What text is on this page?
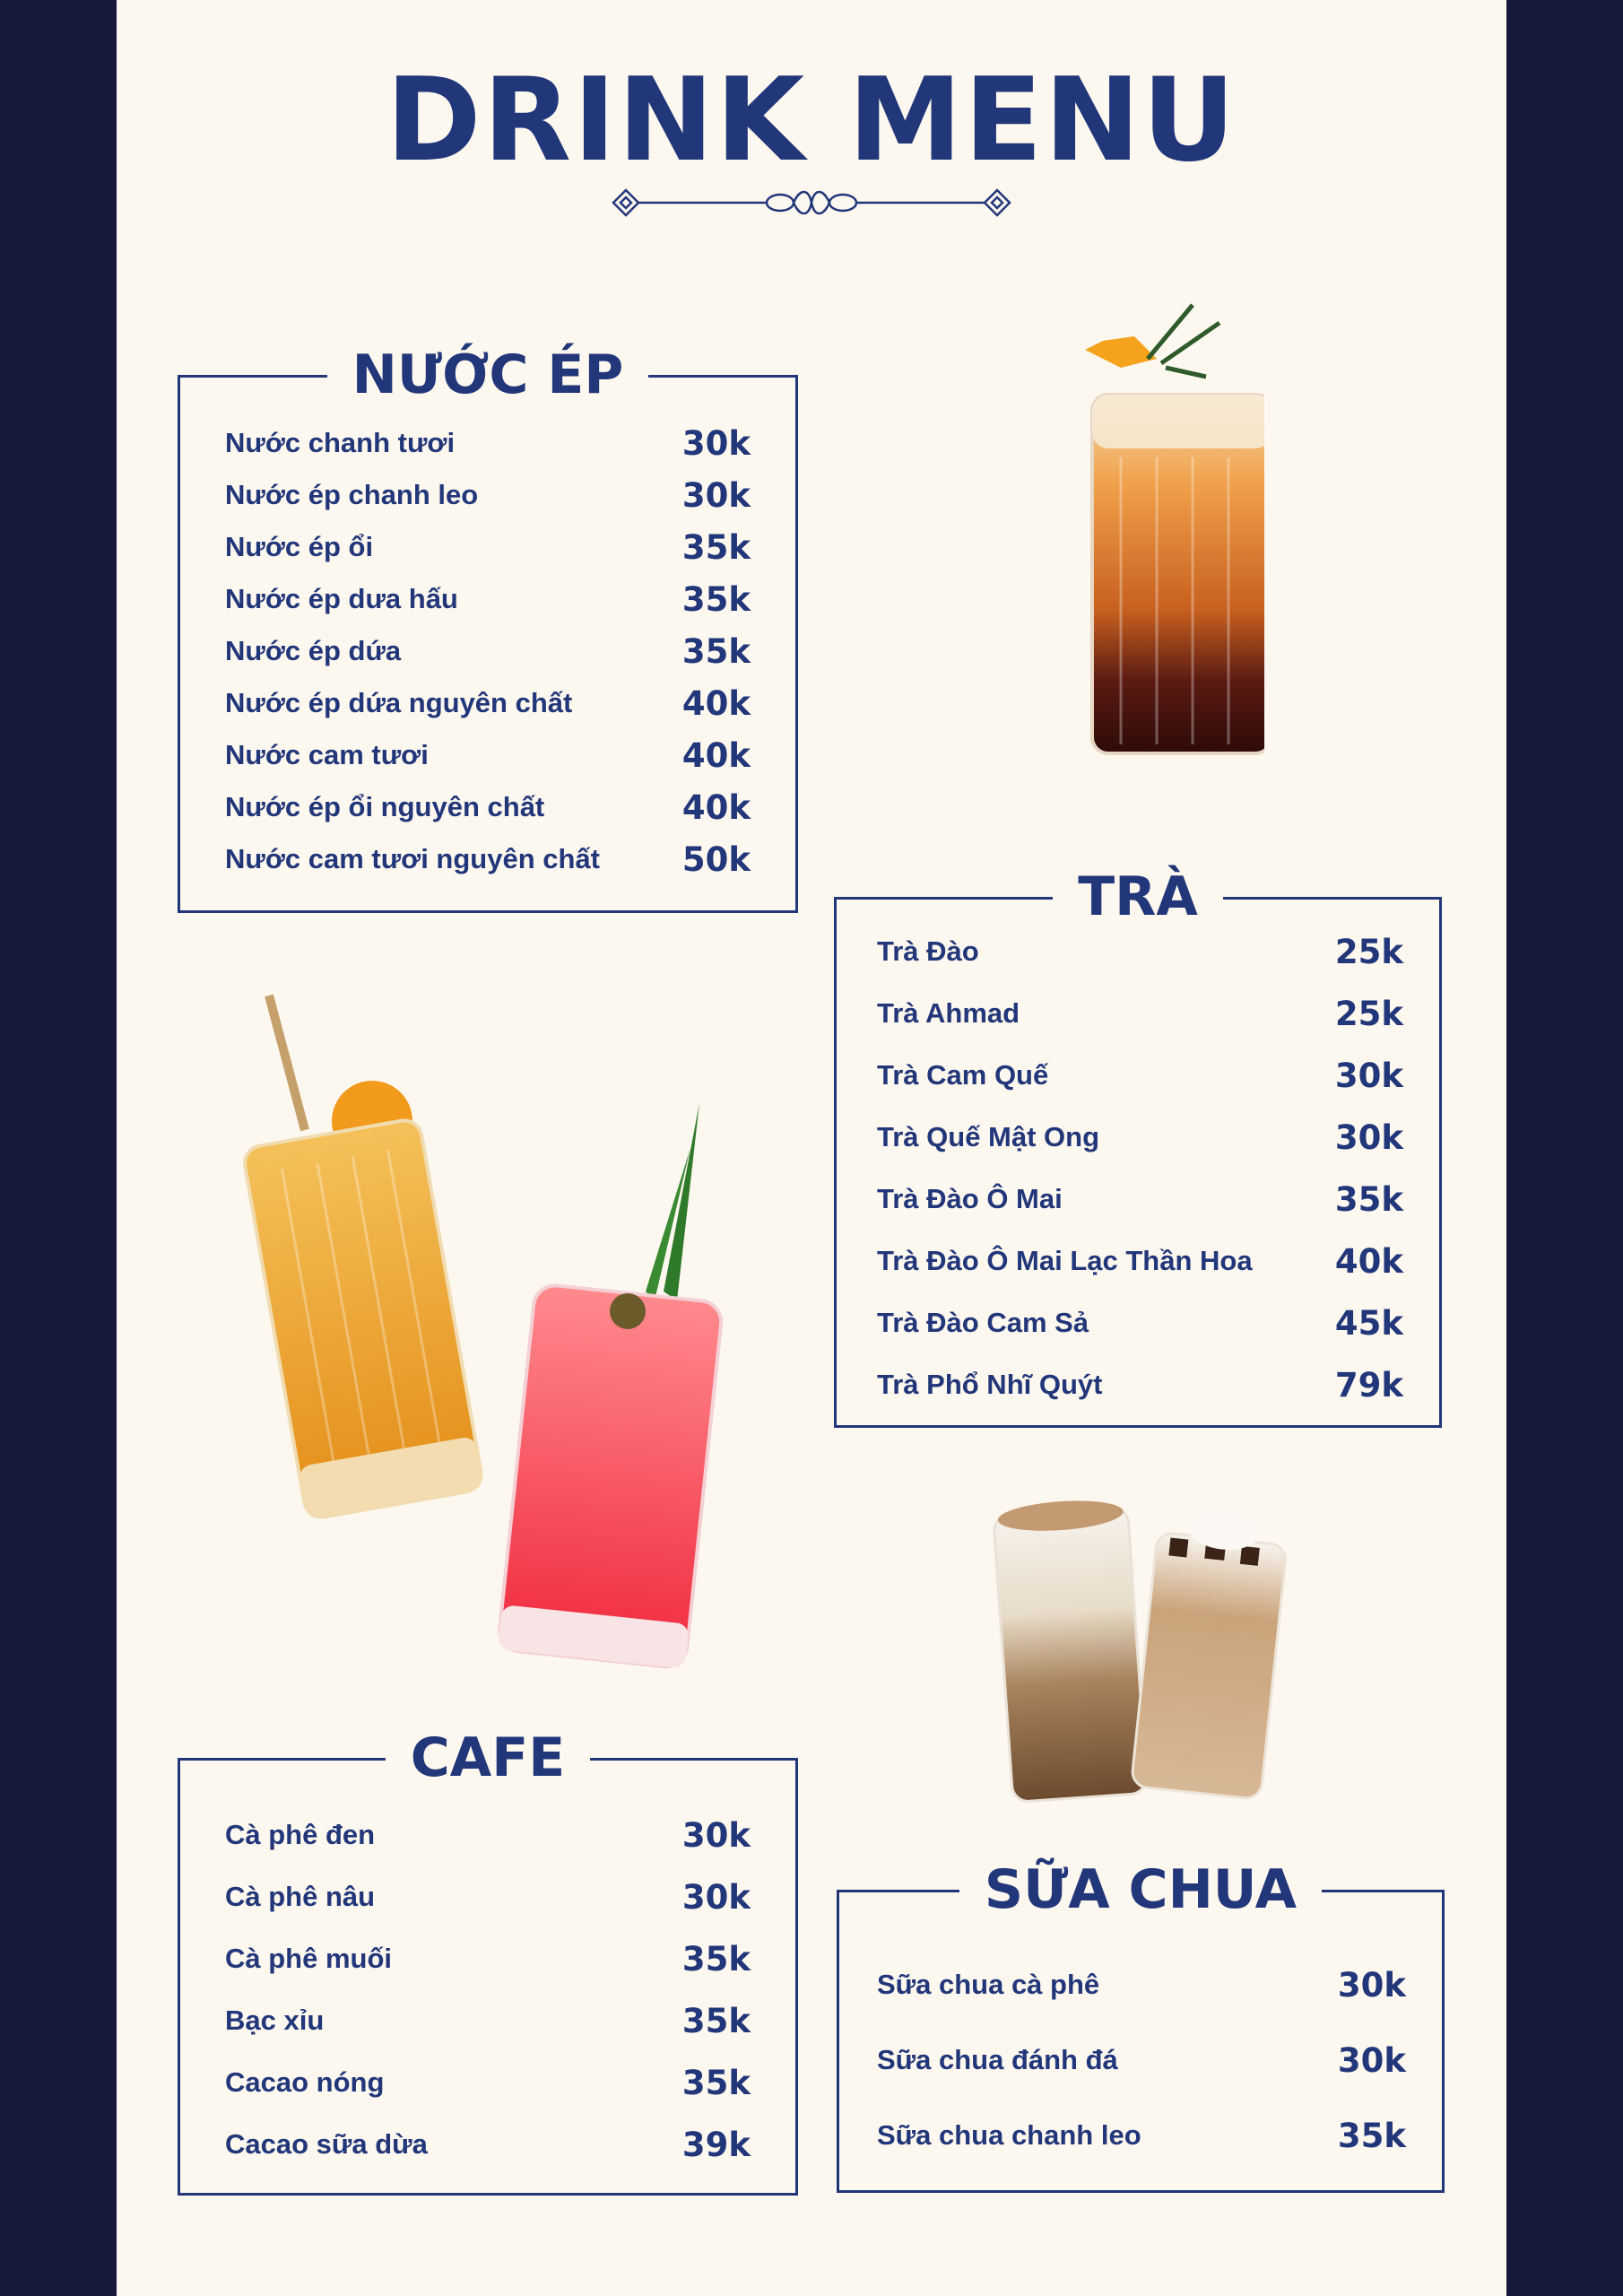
DRINK MENU
NƯỚC ÉP
Nước chanh tươi	30k
Nước ép chanh leo	30k
Nước ép ổi	35k
Nước ép dưa hấu	35k
Nước ép dứa	35k
Nước ép dứa nguyên chất	40k
Nước cam tươi	40k
Nước ép ổi nguyên chất	40k
Nước cam tươi nguyên chất 50k
TRÀ
Trà Đào	25k
Trà Ahmad	25k
Trà Cam Quế	30k
Trà Quế Mật Ong	30k
Trà Đào Ô Mai	35k
Trà Đào Ô Mai Lạc Thần Hoa 40k
Trà Đào Cam Sả	45k
Trà Phổ Nhĩ Quýt	79k
CAFE
Cà phê đen	30k
Cà phê nâu	30k
Cà phê muối	35k
Bạc xỉu	35k
Cacao nóng	35k
Cacao sữa dừa	39k
SỮA CHUA
Sữa chua cà phê	30k
Sữa chua đánh đá	30k
Sữa chua chanh leo	35k
